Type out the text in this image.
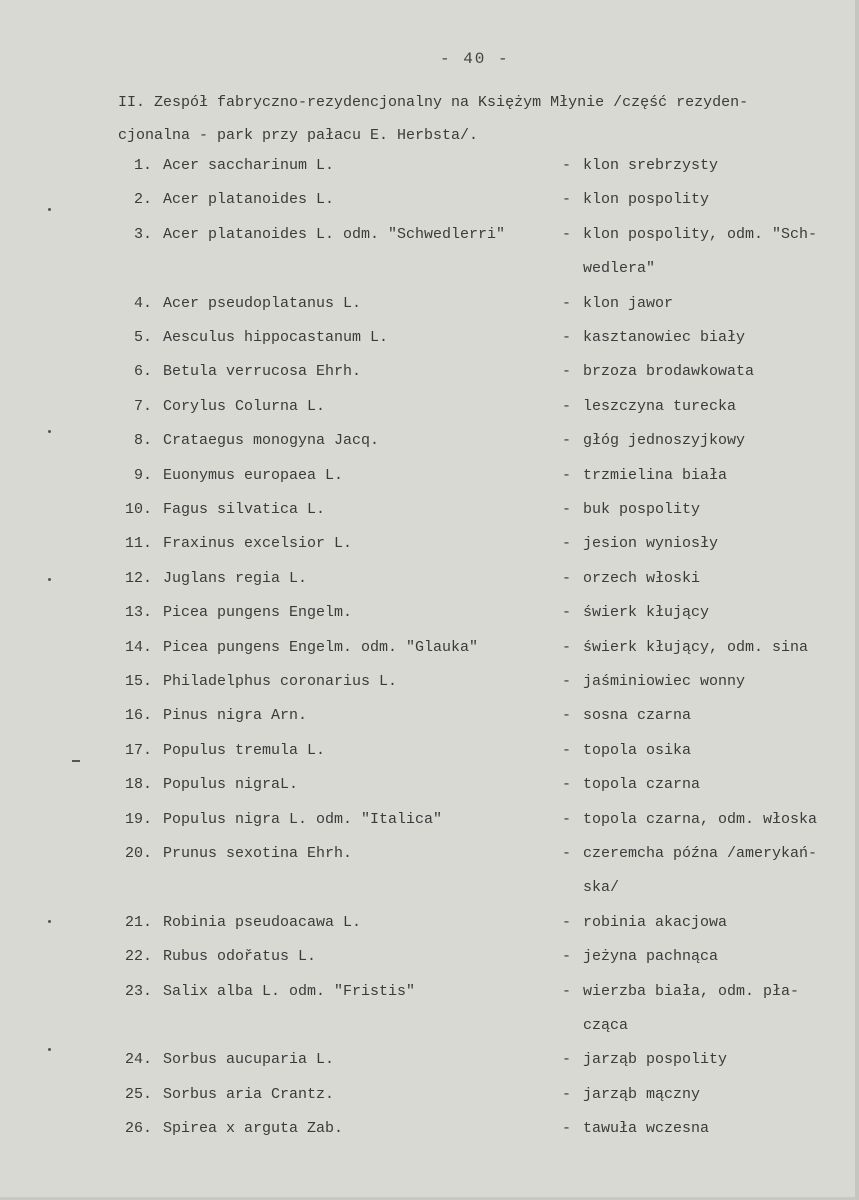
- 40 -
II. Zespół fabryczno-rezydencjonalny na Księżym Młynie /część rezyden-
cjonalna - park przy pałacu E. Herbsta/.
1. Acer saccharinum L.	- klon srebrzysty
2. Acer platanoides L.	- klon pospolity
3. Acer platanoides L. odm. "Schwedlerri"	- klon pospolity, odm. "Sch-
wedlera"
4. Acer pseudoplatanus L.	- klon jawor
5. Aesculus hippocastanum L.	- kasztanowiec biały
6. Betula verrucosa Ehrh.	- brzoza brodawkowata
7. Corylus Colurna L.	- leszczyna turecka
8. Crataegus monogyna Jacq.	- głóg jednoszyjkowy
9. Euonymus europaea L.	- trzmielina biała
10. Fagus silvatica L.	- buk pospolity
11. Fraxinus excelsior L.	- jesion wyniosły
12. Juglans regia L.	- orzech włoski
13. Picea pungens Engelm.	- świerk kłujący
14. Picea pungens Engelm. odm. "Glauka"	- świerk kłujący, odm. sina
15. Philadelphus coronarius L.	- jaśminiowiec wonny
16. Pinus nigra Arn.	- sosna czarna
17. Populus tremula L.	- topola osika
18. Populus nigraL.	- topola czarna
19. Populus nigra L. odm. "Italica"	- topola czarna, odm. włoska
20. Prunus sexotina Ehrh.	- czeremcha późna /amerykań-
ska/
21. Robinia pseudoacawa L.	- robinia akacjowa
22. Rubus odořatus L.	- jeżyna pachnąca
23. Salix alba L. odm. "Fristis"	- wierzba biała, odm. pła-
cząca
24. Sorbus aucuparia L.	- jarząb pospolity
25. Sorbus aria Crantz.	- jarząb mączny
26. Spirea x arguta Zab.	- tawuła wczesna
